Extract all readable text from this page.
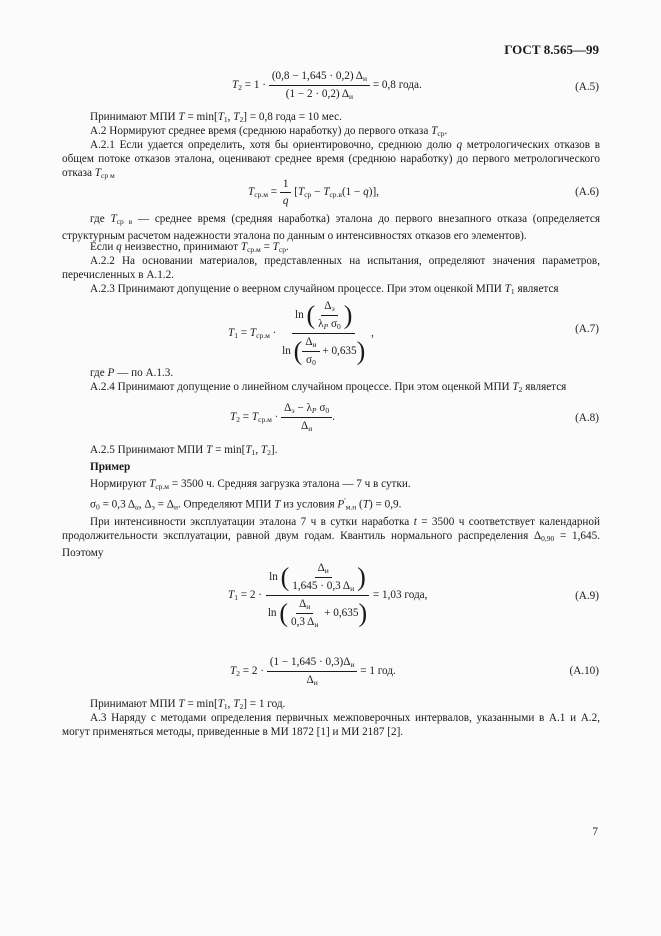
ГОСТ 8.565—99
$T_2 = 1 \cdot \frac{(0,8 - 1,645 \cdot 0,2) \Delta_и}{(1 - 2 \cdot 0,2) \Delta_и} = 0,8$ года.	(А.5)
Принимают МПИ $T = \min[T_1$, $T_2] = 0,8$ года = 10 мес.
А.2 Нормируют среднее время (среднюю наработку) до первого отказа $T_{ср}$.
А.2.1 Если удается определить, хотя бы ориентировочно, среднюю долю q метрологических отказов в общем потоке отказов эталона, оценивают среднее время (среднюю наработку) до первого метрологического отказа $T_{ср м}$
$T_{ср.м} = \frac{1}{q} [T_{ср} - T_{ср.в}(1 - q)]$,	(А.6)
где $T_{ср в}$ — среднее время (средняя наработка) эталона до первого внезапного отказа (определяется структурным расчетом надежности эталона по данным о интенсивностях отказов его элементов).
Если q неизвестно, принимают $T_{ср.м} = T_{ср}$.
А.2.2 На основании материалов, представленных на испытания, определяют значения параметров, перечисленных в А.1.2.
А.2.3 Принимают допущение о веерном случайном процессе. При этом оценкой МПИ $T_1$ является
$T_1 = T_{ср.м} \cdot \frac{\ln ( \frac{\Delta_э}{\lambda_P \sigma_0} )}{\ln ( \frac{\Delta_и}{\sigma_0} + 0,635)}$ ,	(А.7)
где P — по А.1.3.
А.2.4 Принимают допущение о линейном случайном процессе. При этом оценкой МПИ $T_2$ является
$T_2 = T_{ср.м} \cdot \frac{\Delta_э - \lambda_P \sigma_0}{\Delta_и}$ .	(А.8)
А.2.5 Принимают МПИ $T = \min[T_1$, $T_2$].
Пример
Нормируют $T_{ср.м} = 3500$ ч. Средняя загрузка эталона — 7 ч в сутки.
$\sigma_0 = 0,3$ $\Delta_и$, $\Delta_э = \Delta_и$. Определяют МПИ T из условия $P'_{м.н}$ (T) = 0,9.
При интенсивности эксплуатации эталона 7 ч в сутки наработка t = 3500 ч соответствует календарной продолжительности эксплуатации, равной двум годам. Квантиль нормального распределения $\Delta_{0,90} = 1,645$. Поэтому
$T_1 = 2 \cdot \frac{\ln ( \frac{\Delta_и}{1,645 \cdot 0,3 \Delta_и} )}{\ln ( \frac{\Delta_и}{0,3 \Delta_и} + 0,635)} = 1,03$ года,	(А.9)
$T_2 = 2 \cdot \frac{(1 - 1,645 \cdot 0,3)\Delta_и}{\Delta_и} = 1$ год.	(А.10)
Принимают МПИ $T = \min[T_1$, $T_2] = 1$ год.
А.3 Наряду с методами определения первичных межповерочных интервалов, указанными в А.1 и А.2, могут применяться методы, приведенные в МИ 1872 [1] и МИ 2187 [2].
7
